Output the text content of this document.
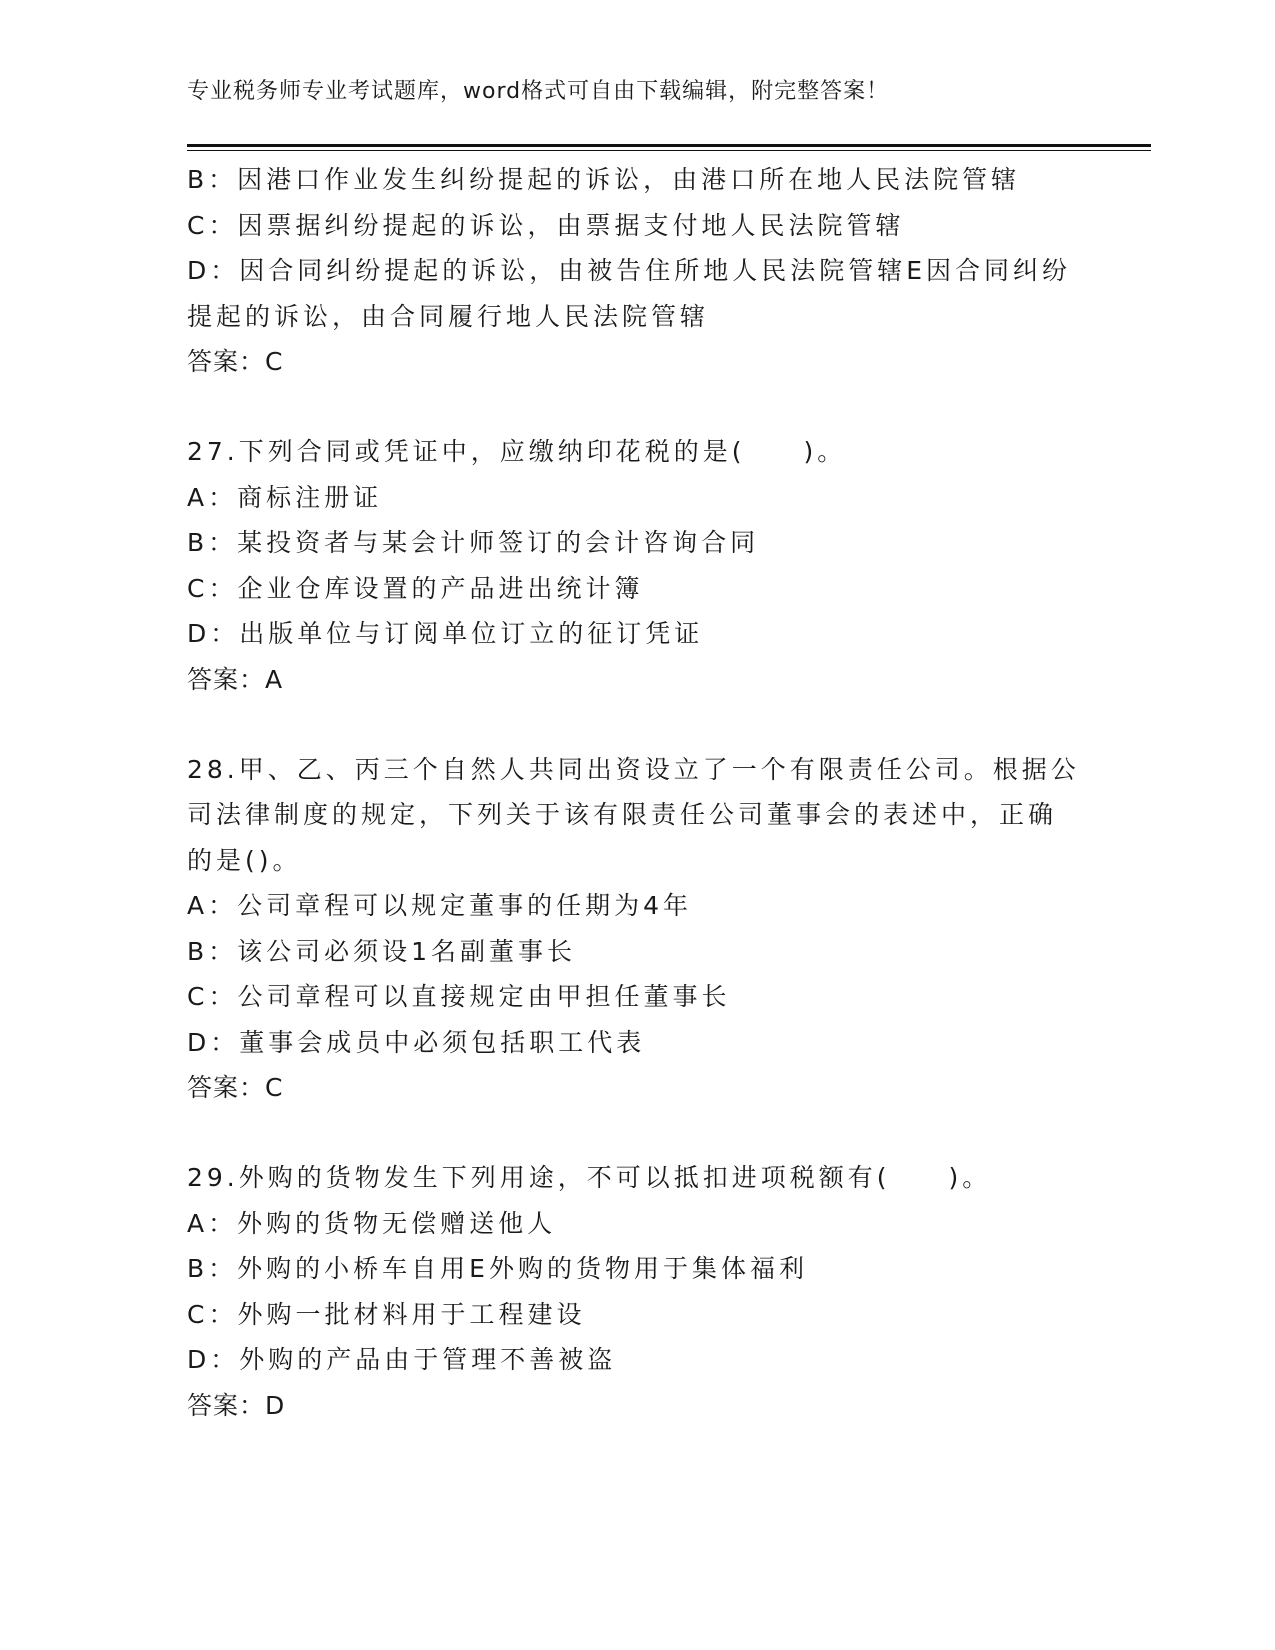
专业税务师专业考试题库，word格式可自由下载编辑，附完整答案！
B：因港口作业发生纠纷提起的诉讼，由港口所在地人民法院管辖
C：因票据纠纷提起的诉讼，由票据支付地人民法院管辖
D：因合同纠纷提起的诉讼，由被告住所地人民法院管辖E因合同纠纷
提起的诉讼，由合同履行地人民法院管辖
答案：C
27.下列合同或凭证中，应缴纳印花税的是(　　)。
A：商标注册证
B：某投资者与某会计师签订的会计咨询合同
C：企业仓库设置的产品进出统计簿
D：出版单位与订阅单位订立的征订凭证
答案：A
28.甲、乙、丙三个自然人共同出资设立了一个有限责任公司。根据公
司法律制度的规定，下列关于该有限责任公司董事会的表述中，正确
的是()。
A：公司章程可以规定董事的任期为4年
B：该公司必须设1名副董事长
C：公司章程可以直接规定由甲担任董事长
D：董事会成员中必须包括职工代表
答案：C
29.外购的货物发生下列用途，不可以抵扣进项税额有(　　)。
A：外购的货物无偿赠送他人
B：外购的小桥车自用E外购的货物用于集体福利
C：外购一批材料用于工程建设
D：外购的产品由于管理不善被盗
答案：D
